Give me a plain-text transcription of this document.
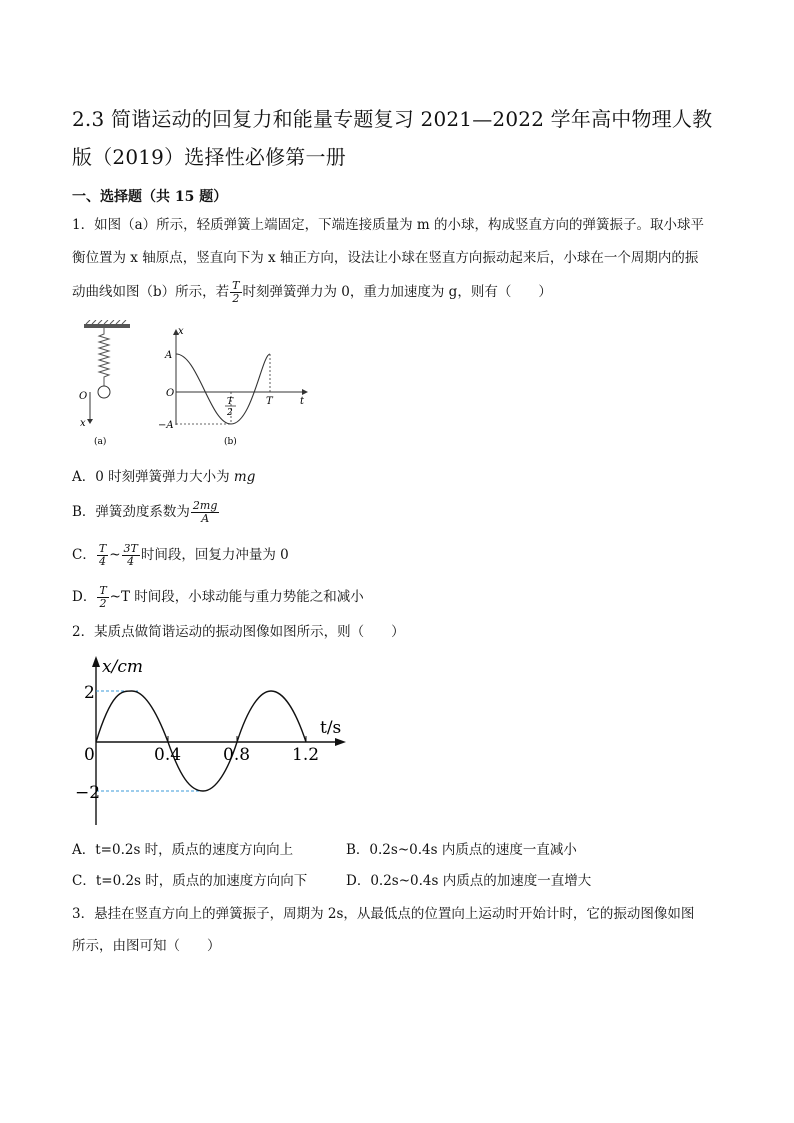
2.3 简谐运动的回复力和能量专题复习 2021—2022 学年高中物理人教
版（2019）选择性必修第一册
一、选择题（共 15 题）
1．如图（a）所示，轻质弹簧上端固定，下端连接质量为 m 的小球，构成竖直方向的弹簧振子。取小球平
衡位置为 x 轴原点，竖直向下为 x 轴正方向，设法让小球在竖直方向振动起来后，小球在一个周期内的振
动曲线如图（b）所示，若 $\frac{T}{2}$ 时刻弹簧弹力为 0，重力加速度为 g，则有（　　）
O
x
(a)
x
A
O
−A
T
2
T	t
(b)
A．0 时刻弹簧弹力大小为 mg
B．弹簧劲度系数为 $\frac{2mg}{A}$
C． $\frac{T}{4}$ ~ $\frac{3T}{4}$ 时间段，回复力冲量为 0
D． $\frac{T}{2}$ ~T 时间段，小球动能与重力势能之和减小
2．某质点做简谐运动的振动图像如图所示，则（　　）
x/cm
t/s
2
−2
0	0.4 0.8 1.2
A．t=0.2s 时，质点的速度方向向上	B．0.2s~0.4s 内质点的速度一直减小
C．t=0.2s 时，质点的加速度方向向下	D．0.2s~0.4s 内质点的加速度一直增大
3．悬挂在竖直方向上的弹簧振子，周期为 2s，从最低点的位置向上运动时开始计时，它的振动图像如图
所示，由图可知（　　）
